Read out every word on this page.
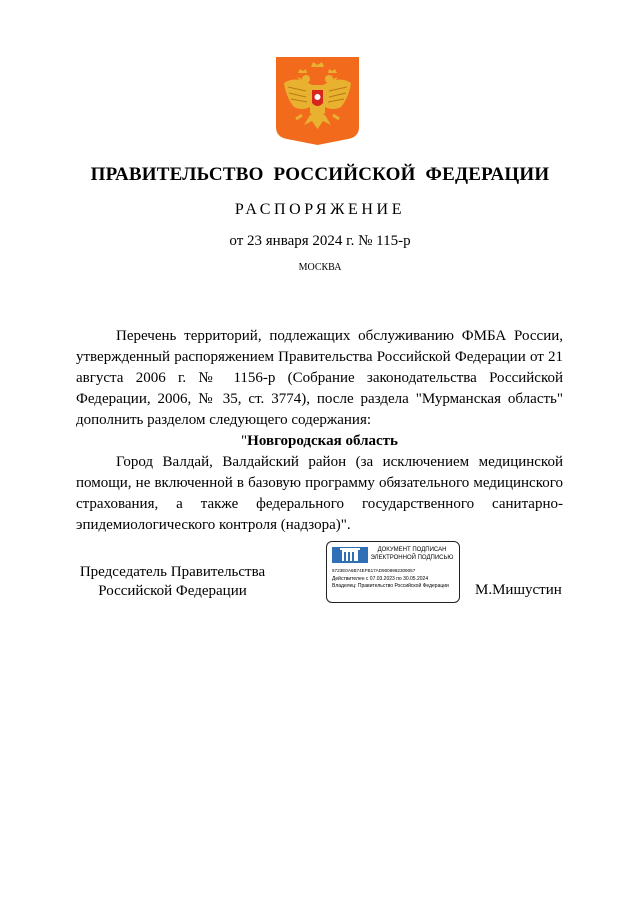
ПРАВИТЕЛЬСТВО РОССИЙСКОЙ ФЕДЕРАЦИИ
РАСПОРЯЖЕНИЕ
от 23 января 2024 г. № 115-р
МОСКВА

Перечень территорий, подлежащих обслуживанию ФМБА России, утвержденный распоряжением Правительства Российской Федерации от 21 августа 2006 г. № 1156-р (Собрание законодательства Российской Федерации, 2006, № 35, ст. 3774), после раздела "Мурманская область" дополнить разделом следующего содержания:

"Новгородская область

Город Валдай, Валдайский район (за исключением медицинской помощи, не включенной в базовую программу обязательного медицинского страхования, а также федерального государственного санитарно-эпидемиологического контроля (надзора)".

Председатель Правительства
Российской Федерации
ДОКУМЕНТ ПОДПИСАН
ЭЛЕКТРОННОЙ ПОДПИСЬЮ
5723E0A6B74EFB17AD9008982309057
Действителен с 07.03.2023 по 30.05.2024
Владелец: Правительство Российской Федерации	М.Мишустин
